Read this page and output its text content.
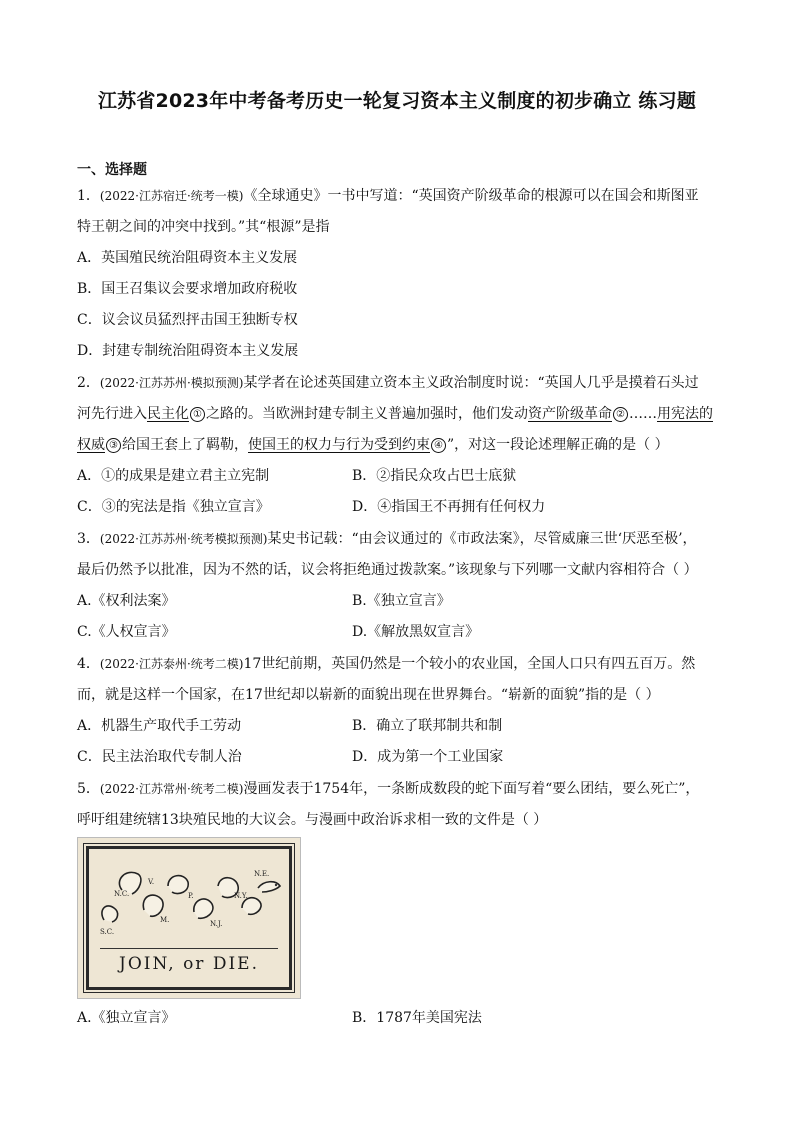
江苏省2023年中考备考历史一轮复习资本主义制度的初步确立 练习题
一、选择题
1．(2022·江苏宿迁·统考一模)《全球通史》一书中写道：“英国资产阶级革命的根源可以在国会和斯图亚
特王朝之间的冲突中找到。”其“根源”是指
A．英国殖民统治阻碍资本主义发展
B．国王召集议会要求增加政府税收
C．议会议员猛烈抨击国王独断专权
D．封建专制统治阻碍资本主义发展
2．(2022·江苏苏州·模拟预测)某学者在论述英国建立资本主义政治制度时说：“英国人几乎是摸着石头过
河先行进入民主化 ① 之路的。当欧洲封建专制主义普遍加强时，他们发动资产阶级革命 ② ……用宪法的
权威 ③ 给国王套上了羁勒，使国王的权力与行为受到约束 ④ ”，对这一段论述理解正确的是（ ）
A．①的成果是建立君主立宪制	B．②指民众攻占巴士底狱
C．③的宪法是指《独立宣言》	D．④指国王不再拥有任何权力
3．(2022·江苏苏州·统考模拟预测)某史书记载：“由会议通过的《市政法案》，尽管威廉三世‘厌恶至极’，
最后仍然予以批准，因为不然的话，议会将拒绝通过拨款案。”该现象与下列哪一文献内容相符合（ ）
A.《权利法案》	B.《独立宣言》
C.《人权宣言》	D.《解放黑奴宣言》
4．(2022·江苏泰州·统考二模)17世纪前期，英国仍然是一个较小的农业国，全国人口只有四五百万。然
而，就是这样一个国家，在17世纪却以崭新的面貌出现在世界舞台。“崭新的面貌”指的是（ ）
A．机器生产取代手工劳动	B．确立了联邦制共和制
C．民主法治取代专制人治	D．成为第一个工业国家
5．(2022·江苏常州·统考二模)漫画发表于1754年，一条断成数段的蛇下面写着“要么团结，要么死亡”，
呼吁组建统辖13块殖民地的大议会。与漫画中政治诉求相一致的文件是（ ）
S.C.
N.C.
V.
M.
P.
N.J.
N.Y.
N.E.
JOIN, or DIE.
A.《独立宣言》	B．1787年美国宪法
